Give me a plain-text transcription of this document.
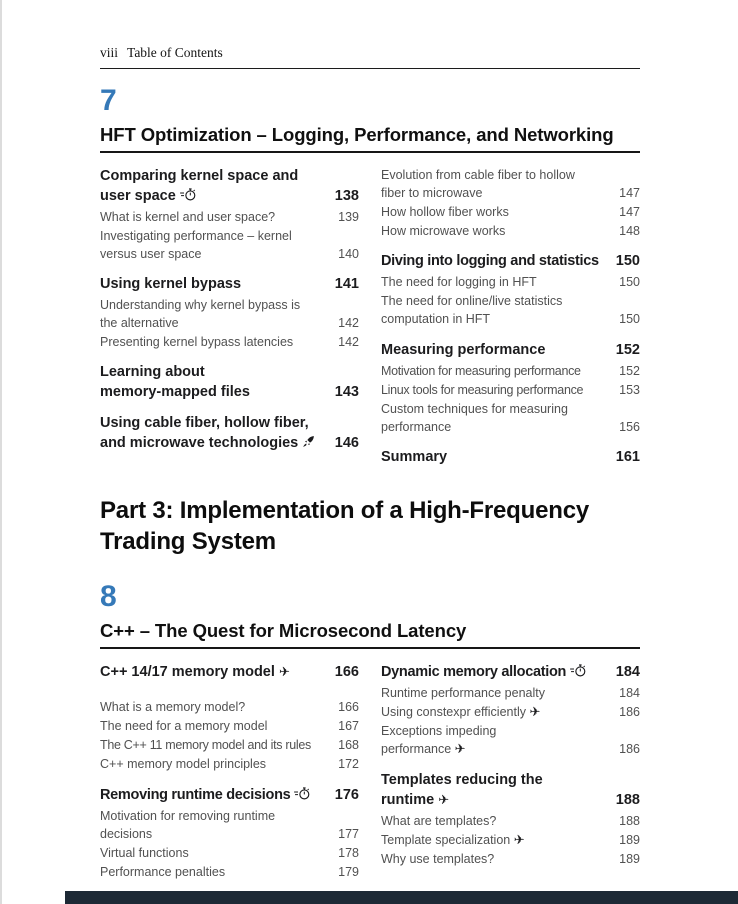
viii Table of Contents
7
HFT Optimization – Logging, Performance, and Networking
Comparing kernel space and
user space	138
What is kernel and user space?	139
Investigating performance – kernel
versus user space	140
Using kernel bypass	141
Understanding why kernel bypass is
the alternative	142
Presenting kernel bypass latencies	142
Learning about
memory-mapped files	143
Using cable fiber, hollow fiber,
and microwave technologies	146
Evolution from cable fiber to hollow
fiber to microwave	147
How hollow fiber works	147
How microwave works	148
Diving into logging and statistics	150
The need for logging in HFT	150
The need for online/live statistics
computation in HFT	150
Measuring performance	152
Motivation for measuring performance	152
Linux tools for measuring performance	153
Custom techniques for measuring
performance	156
Summary	161
Part 3: Implementation of a High-Frequency
Trading System
8
C++ – The Quest for Microsecond Latency
C++ 14/17 memory model ✈	166
What is a memory model?	166
The need for a memory model	167
The C++ 11 memory model and its rules	168
C++ memory model principles	172
Removing runtime decisions	176
Motivation for removing runtime
decisions	177
Virtual functions	178
Performance penalties	179
Dynamic memory allocation	184
Runtime performance penalty	184
Using constexpr efficiently ✈	186
Exceptions impeding
performance ✈	186
Templates reducing the
runtime ✈	188
What are templates?	188
Template specialization ✈	189
Why use templates?	189
